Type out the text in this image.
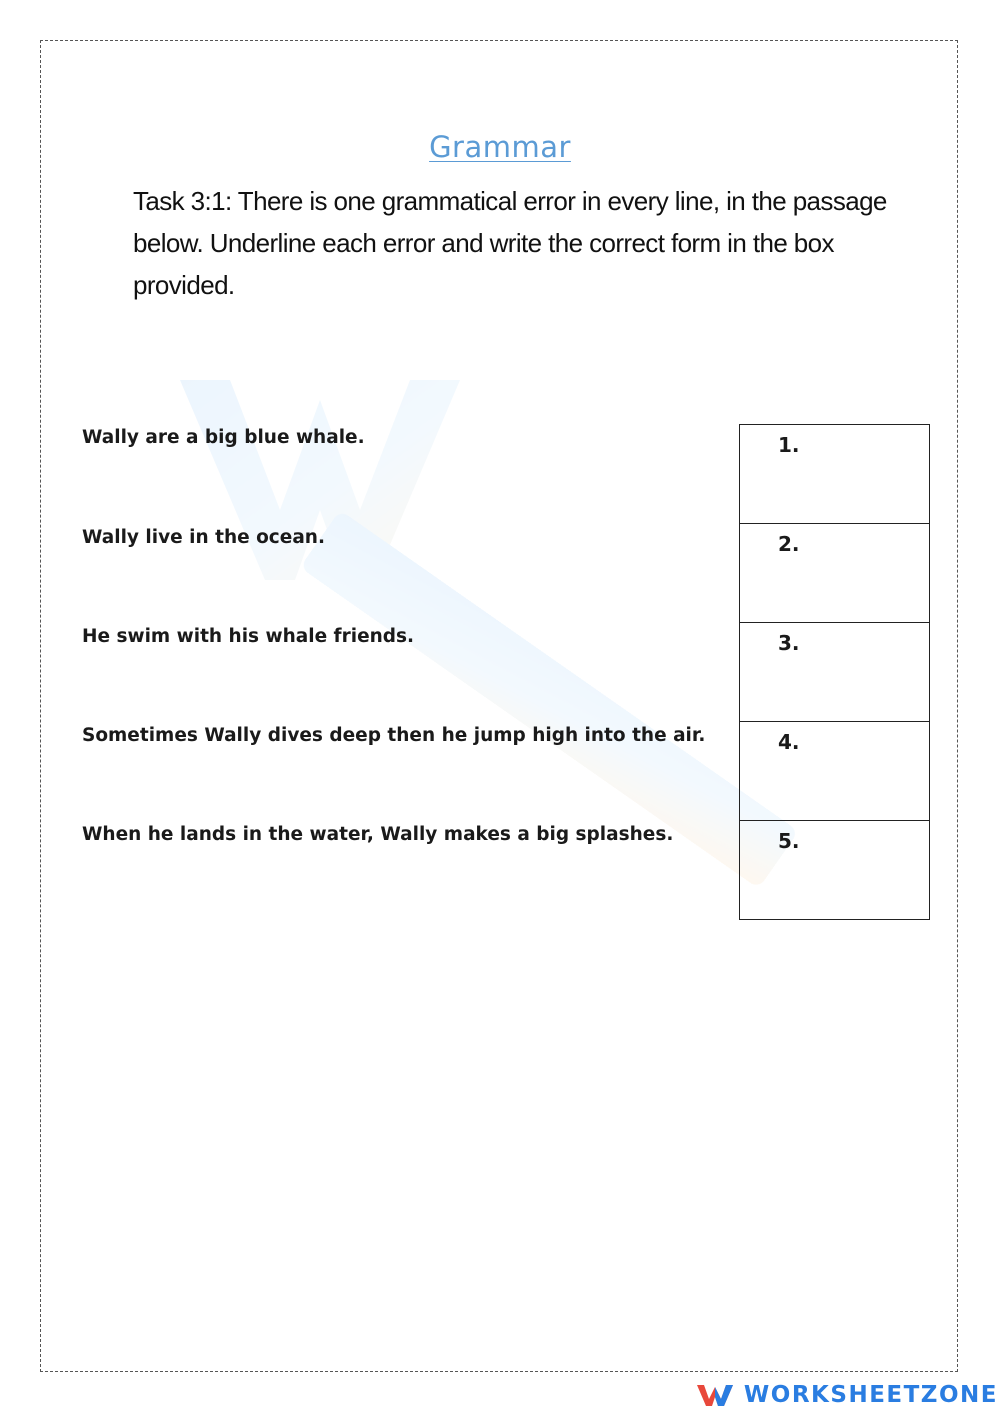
Grammar
Task 3:1: There is one grammatical error in every line, in the passage below. Underline each error and write the correct form in the box provided.
Wally are a big blue whale.
Wally live in the ocean.
He swim with his whale friends.
Sometimes Wally dives deep then he jump high into the air.
When he lands in the water, Wally makes a big splashes.
1.
2.
3.
4.
5.
WORKSHEETZONE
